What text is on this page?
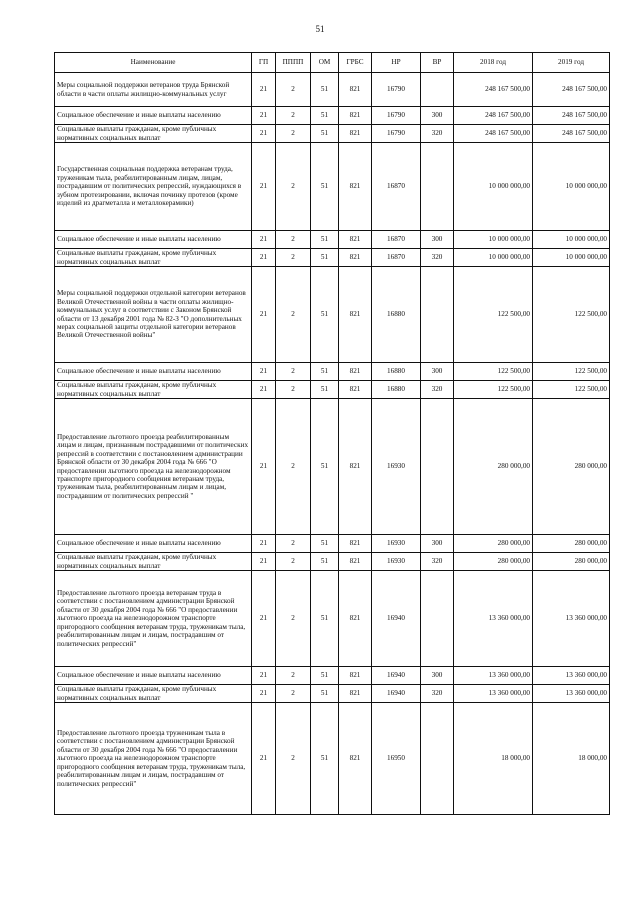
51
Наименование	ГП	ПППП	ОМ	ГРБС	НР	ВР	2018 год	2019 год
Меры социальной поддержки ветеранов труда Брянской области в части оплаты жилищно-коммунальных услуг	21	2	51	821	16790		248 167 500,00	248 167 500,00
Социальное обеспечение и иные выплаты населению	21	2	51	821	16790	300	248 167 500,00	248 167 500,00
Социальные выплаты гражданам, кроме публичных нормативных социальных выплат	21	2	51	821	16790	320	248 167 500,00	248 167 500,00
Государственная социальная поддержка ветеранам труда, труженикам тыла, реабилитированным лицам, лицам, пострадавшим от политических репрессий, нуждающихся в зубном протезировании, включая починку протезов (кроме изделий из драгметалла и металлокерамики)	21	2	51	821	16870		10 000 000,00	10 000 000,00
Социальное обеспечение и иные выплаты населению	21	2	51	821	16870	300	10 000 000,00	10 000 000,00
Социальные выплаты гражданам, кроме публичных нормативных социальных выплат	21	2	51	821	16870	320	10 000 000,00	10 000 000,00
Меры социальной поддержки отдельной категории ветеранов Великой Отечественной войны в части оплаты жилищно-коммунальных услуг в соответствии с Законом Брянской области от 13 декабря 2001 года № 82-З "О дополнительных мерах социальной защиты отдельной категории ветеранов Великой Отечественной войны"	21	2	51	821	16880		122 500,00	122 500,00
Социальное обеспечение и иные выплаты населению	21	2	51	821	16880	300	122 500,00	122 500,00
Социальные выплаты гражданам, кроме публичных нормативных социальных выплат	21	2	51	821	16880	320	122 500,00	122 500,00
Предоставление льготного проезда реабилитированным лицам и лицам, признанным пострадавшими от политических репрессий в соответствии с постановлением администрации Брянской области от 30 декабря 2004 года № 666 "О предоставлении льготного проезда на железнодорожном транспорте пригородного сообщения ветеранам труда, труженикам тыла, реабилитированным лицам и лицам, пострадавшим от политических репрессий "	21	2	51	821	16930		280 000,00	280 000,00
Социальное обеспечение и иные выплаты населению	21	2	51	821	16930	300	280 000,00	280 000,00
Социальные выплаты гражданам, кроме публичных нормативных социальных выплат	21	2	51	821	16930	320	280 000,00	280 000,00
Предоставление льготного проезда ветеранам труда в соответствии с постановлением администрации Брянской области от 30 декабря 2004 года № 666 "О предоставлении льготного проезда на железнодорожном транспорте пригородного сообщения ветеранам труда, труженикам тыла, реабилитированным лицам и лицам, пострадавшим от политических репрессий"	21	2	51	821	16940		13 360 000,00	13 360 000,00
Социальное обеспечение и иные выплаты населению	21	2	51	821	16940	300	13 360 000,00	13 360 000,00
Социальные выплаты гражданам, кроме публичных нормативных социальных выплат	21	2	51	821	16940	320	13 360 000,00	13 360 000,00
Предоставление льготного проезда труженикам тыла в соответствии с постановлением администрации Брянской области от 30 декабря 2004 года № 666 "О предоставлении льготного проезда на железнодорожном транспорте пригородного сообщения ветеранам труда, труженикам тыла, реабилитированным лицам и лицам, пострадавшим от политических репрессий"	21	2	51	821	16950		18 000,00	18 000,00
